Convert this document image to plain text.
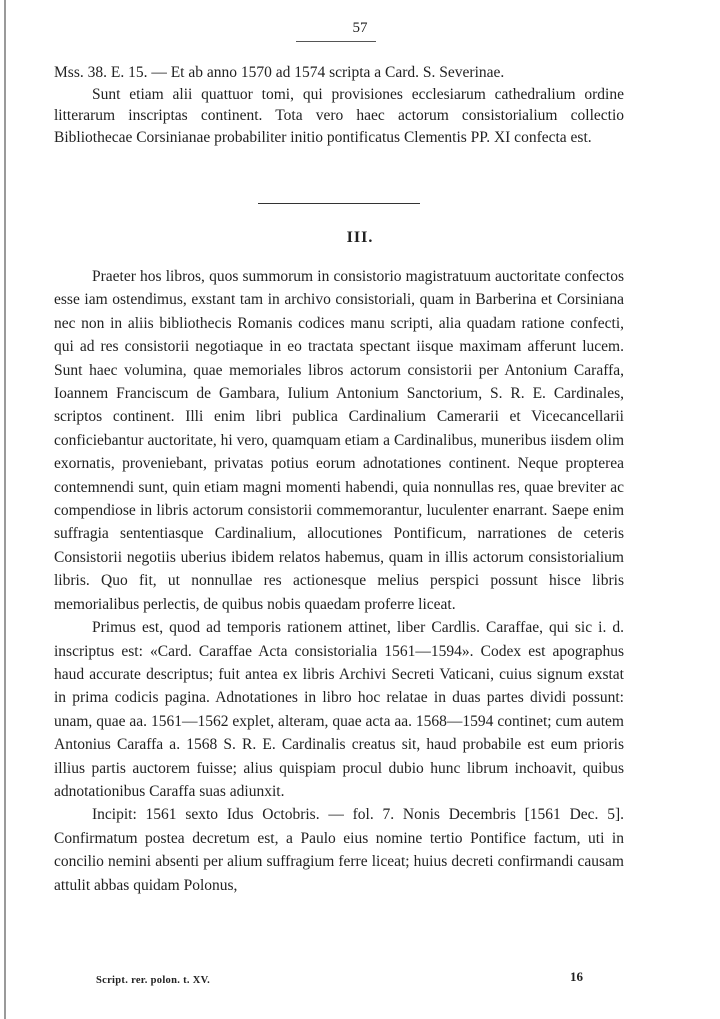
57

Mss. 38. E. 15. — Et ab anno 1570 ad 1574 scripta a Card. S. Severinae.

Sunt etiam alii quattuor tomi, qui provisiones ecclesiarum cathedralium ordine litterarum inscriptas continent. Tota vero haec actorum consistorialium collectio Bibliothecae Corsinianae probabiliter initio pontificatus Clementis PP. XI confecta est.

III.

Praeter hos libros, quos summorum in consistorio magistratuum auctoritate confectos esse iam ostendimus, exstant tam in archivo consistoriali, quam in Barberina et Corsiniana nec non in aliis bibliothecis Romanis codices manu scripti, alia quadam ratione confecti, qui ad res consistorii negotiaque in eo tractata spectant iisque maximam afferunt lucem. Sunt haec volumina, quae memoriales libros actorum consistorii per Antonium Caraffa, Ioannem Franciscum de Gambara, Iulium Antonium Sanctorium, S. R. E. Cardinales, scriptos continent. Illi enim libri publica Cardinalium Camerarii et Vicecancellarii conficiebantur auctoritate, hi vero, quamquam etiam a Cardinalibus, muneribus iisdem olim exornatis, proveniebant, privatas potius eorum adnotationes continent. Neque propterea contemnendi sunt, quin etiam magni momenti habendi, quia nonnullas res, quae breviter ac compendiose in libris actorum consistorii commemorantur, luculenter enarrant. Saepe enim suffragia sententiasque Cardinalium, allocutiones Pontificum, narrationes de ceteris Consistorii negotiis uberius ibidem relatos habemus, quam in illis actorum consistorialium libris. Quo fit, ut nonnullae res actionesque melius perspici possunt hisce libris memorialibus perlectis, de quibus nobis quaedam proferre liceat.

Primus est, quod ad temporis rationem attinet, liber Cardlis. Caraffae, qui sic i. d. inscriptus est: «Card. Caraffae Acta consistorialia 1561—1594». Codex est apographus haud accurate descriptus; fuit antea ex libris Archivi Secreti Vaticani, cuius signum exstat in prima codicis pagina. Adnotationes in libro hoc relatae in duas partes dividi possunt: unam, quae aa. 1561—1562 explet, alteram, quae acta aa. 1568—1594 continet; cum autem Antonius Caraffa a. 1568 S. R. E. Cardinalis creatus sit, haud probabile est eum prioris illius partis auctorem fuisse; alius quispiam procul dubio hunc librum inchoavit, quibus adnotationibus Caraffa suas adiunxit.

Incipit: 1561 sexto Idus Octobris. — fol. 7. Nonis Decembris [1561 Dec. 5]. Confirmatum postea decretum est, a Paulo eius nomine tertio Pontifice factum, uti in concilio nemini absenti per alium suffragium ferre liceat; huius decreti confirmandi causam attulit abbas quidam Polonus,

Script. rer. polon. t. XV.	16
